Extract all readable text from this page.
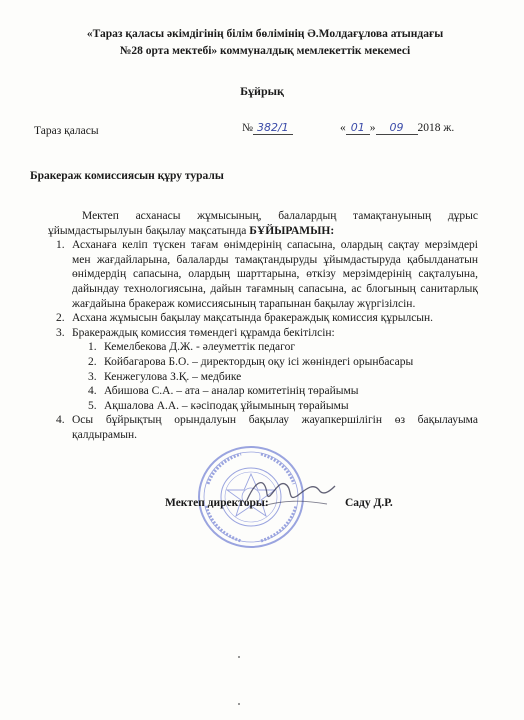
«Тараз қаласы әкімдігінің білім бөлімінің Ә.Молдағұлова атындағы
№28 орта мектебі» коммуналдық мемлекеттік мекемесі
Бұйрық
Тараз қаласы	№ 382/1	« 01 » 09 2018 ж.
Бракераж комиссиясын құру туралы

Мектеп асханасы жұмысының, балалардың тамақтануының дұрыс ұйымдастырылуын бақылау мақсатында БҰЙЫРАМЫН:

1. Асханаға келіп түскен тағам өнімдерінің сапасына, олардың сақтау мерзімдері мен жағдайларына, балаларды тамақтандыруды ұйымдастыруда қабылданатын өнімдердің сапасына, олардың шарттарына, өткізу мерзімдерінің сақталуына, дайындау технологиясына, дайын тағамның сапасына, ас блогының санитарлық жағдайына бракераж комиссиясының тарапынан бақылау жүргізілсін.
2. Асхана жұмысын бақылау мақсатында бракераждық комиссия құрылсын.
3. Бракераждық комиссия төмендегі құрамда бекітілсін:
1. Кемелбекова Д.Ж. - әлеуметтік педагог
2. Койбагарова Б.О. – директордың оқу ісі жөніндегі орынбасары
3. Кенжегулова З.Қ. – медбике
4. Абишова С.А. – ата – аналар комитетінің төрайымы
5. Ақшалова А.А. – кәсіподақ ұйымының төрайымы
4. Осы бұйрықтың орындалуын бақылау жауапкершілігін өз бақылауыма қалдырамын.
Мектеп директоры:	Саду Д.Р.
